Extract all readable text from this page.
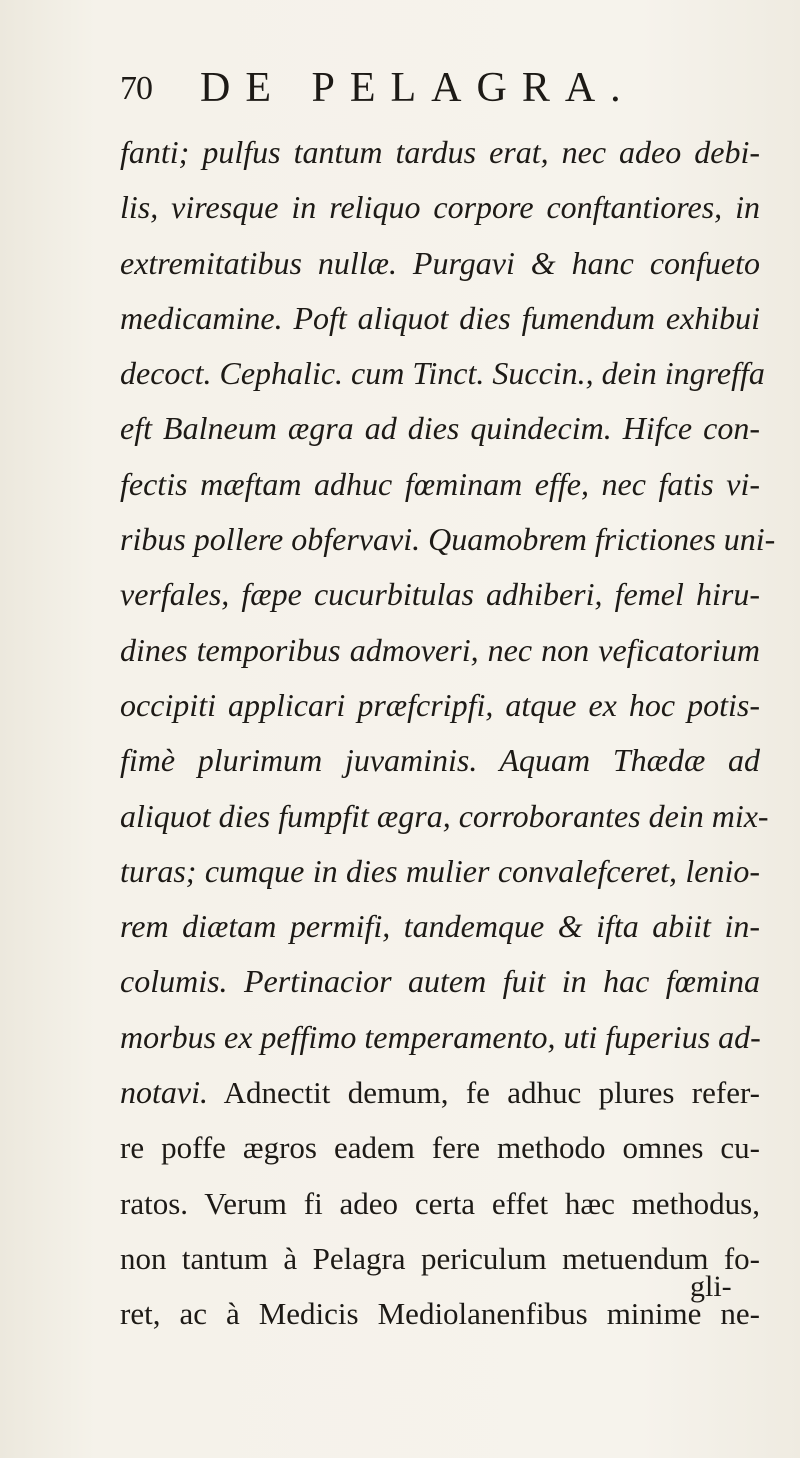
70 DE PELAGRA.
fanti; pulfus tantum tardus erat, nec adeo debi-
lis, viresque in reliquo corpore conftantiores, in
extremitatibus nullæ. Purgavi & hanc confueto
medicamine. Poft aliquot dies fumendum exhibui
decoct. Cephalic. cum Tinct. Succin., dein ingreffa
eft Balneum ægra ad dies quindecim. Hifce con-
fectis mæftam adhuc fœminam effe, nec fatis vi-
ribus pollere obfervavi. Quamobrem frictiones uni-
verfales, fæpe cucurbitulas adhiberi, femel hiru-
dines temporibus admoveri, nec non veficatorium
occipiti applicari præfcripfi, atque ex hoc potis-
fimè plurimum juvaminis. Aquam Thædæ ad
aliquot dies fumpfit ægra, corroborantes dein mix-
turas; cumque in dies mulier convalefceret, lenio-
rem diætam permifi, tandemque & ifta abiit in-
columis. Pertinacior autem fuit in hac fœmina
morbus ex peffimo temperamento, uti fuperius ad-
notavi. Adnectit demum, fe adhuc plures refer-
re poffe ægros eadem fere methodo omnes cu-
ratos. Verum fi adeo certa effet hæc methodus,
non tantum à Pelagra periculum metuendum fo-
ret, ac à Medicis Mediolanenfibus minime ne-
gli-
